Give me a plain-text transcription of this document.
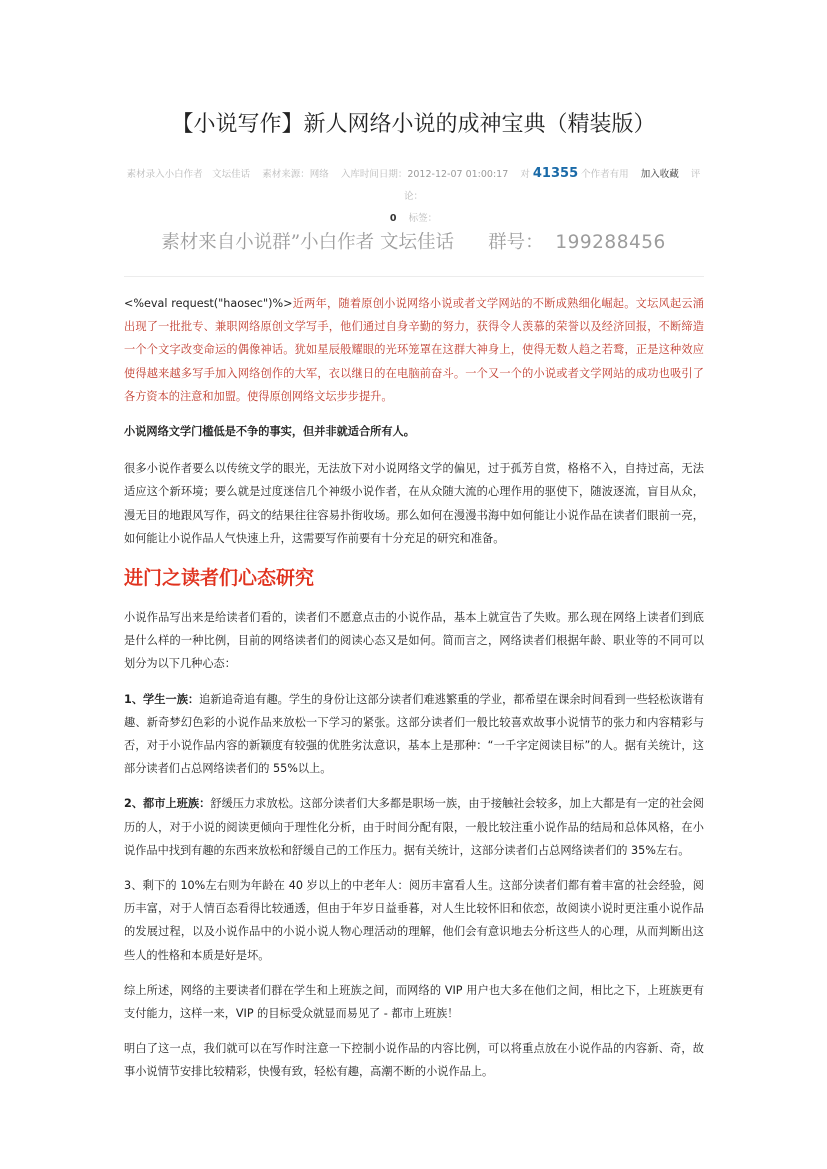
【小说写作】新人网络小说的成神宝典（精装版）
素材录入小白作者　文坛佳话 素材来源：网络 入库时间日期：2012-12-07 01:00:17 对 41355 个作者有用 加入收藏 评论：
0 标签：
素材来自小说群”小白作者 文坛佳话 群号： 199288456

<%eval request("haosec")%>近两年，随着原创小说网络小说或者文学网站的不断成熟细化崛起。文坛风起云涌出现了一批批专、兼职网络原创文学写手，他们通过自身辛勤的努力，获得令人羡慕的荣誉以及经济回报，不断缔造一个个文字改变命运的偶像神话。犹如星辰般耀眼的光环笼罩在这群大神身上，使得无数人趋之若鹜，正是这种效应使得越来越多写手加入网络创作的大军，衣以继日的在电脑前奋斗。一个又一个的小说或者文学网站的成功也吸引了各方资本的注意和加盟。使得原创网络文坛步步提升。

小说网络文学门槛低是不争的事实，但并非就适合所有人。

很多小说作者要么以传统文学的眼光，无法放下对小说网络文学的偏见，过于孤芳自赏，格格不入，自持过高，无法适应这个新环境；要么就是过度迷信几个神级小说作者，在从众随大流的心理作用的驱使下，随波逐流，盲目从众，漫无目的地跟风写作，码文的结果往往容易扑街收场。那么如何在漫漫书海中如何能让小说作品在读者们眼前一亮，如何能让小说作品人气快速上升，这需要写作前要有十分充足的研究和准备。

进门之读者们心态研究

小说作品写出来是给读者们看的，读者们不愿意点击的小说作品，基本上就宣告了失败。那么现在网络上读者们到底是什么样的一种比例，目前的网络读者们的阅读心态又是如何。简而言之，网络读者们根据年龄、职业等的不同可以划分为以下几种心态：

1、学生一族：追新追奇追有趣。学生的身份让这部分读者们难逃繁重的学业，都希望在课余时间看到一些轻松诙谐有趣、新奇梦幻色彩的小说作品来放松一下学习的紧张。这部分读者们一般比较喜欢故事小说情节的张力和内容精彩与否，对于小说作品内容的新颖度有较强的优胜劣汰意识，基本上是那种：“一千字定阅读目标”的人。据有关统计，这部分读者们占总网络读者们的 55%以上。

2、都市上班族：舒缓压力求放松。这部分读者们大多都是职场一族，由于接触社会较多，加上大都是有一定的社会阅历的人，对于小说的阅读更倾向于理性化分析，由于时间分配有限，一般比较注重小说作品的结局和总体风格，在小说作品中找到有趣的东西来放松和舒缓自己的工作压力。据有关统计，这部分读者们占总网络读者们的 35%左右。

3、剩下的 10%左右则为年龄在 40 岁以上的中老年人：阅历丰富看人生。这部分读者们都有着丰富的社会经验，阅历丰富，对于人情百态看得比较通透，但由于年岁日益垂暮，对人生比较怀旧和依恋，故阅读小说时更注重小说作品的发展过程，以及小说作品中的小说小说人物心理活动的理解，他们会有意识地去分析这些人的心理，从而判断出这些人的性格和本质是好是坏。

综上所述，网络的主要读者们群在学生和上班族之间，而网络的 VIP 用户也大多在他们之间，相比之下，上班族更有支付能力，这样一来，VIP 的目标受众就显而易见了 - 都市上班族！

明白了这一点，我们就可以在写作时注意一下控制小说作品的内容比例，可以将重点放在小说作品的内容新、奇，故事小说情节安排比较精彩，快慢有致，轻松有趣，高潮不断的小说作品上。
